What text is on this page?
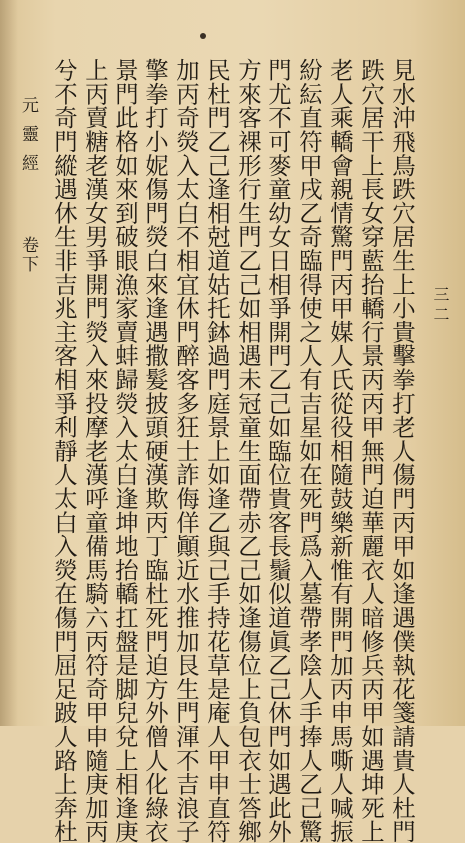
三二
見水沖飛鳥跌穴居生上小貴擊拳打老人傷門丙甲如逢遇僕執花箋請貴人杜門
跌穴居干上長女穿藍抬轎行景丙丙甲無門迫華麗衣人暗修兵丙甲如遇坤死上
老人乘轎會親情驚門丙甲媒人氏從役相隨鼓樂新惟有開門加丙申馬嘶人喊振
紛紜直符甲戌乙奇臨得使之人有吉星如在死門爲入墓帶孝陰人手捧人乙己驚
門尤不可麥童幼女日相爭開門乙己如臨位貴客長鬚似道眞乙己休門如遇此外
方來客裸形行生門乙己如相遇未冠童生面帶赤乙己如逢傷位上負包衣士答鄉
民杜門乙己逢相尅道姑托鉢過門庭景上如逢乙與己手持花草是庵人甲申直符
加丙奇熒入太白不相宜休門醉客多狂士詐侮佯顚近水推加艮生門渾不吉浪子
擎拳打小妮傷門熒白來逢遇撒髮披頭硬漢欺丙丁臨杜死門迫方外僧人化綠衣
景門此格如來到破眼漁家賣蚌歸熒入太白逢坤地抬轎扛盤是脚兒兌上相逢庚
上丙賣糖老漢女男爭開門熒入來投摩老漢呼童備馬騎六丙符奇甲申隨庚加丙
兮不奇門縱遇休生非吉兆主客相爭利靜人太白入熒在傷門屈足跛人路上奔杜
元靈經
卷下
